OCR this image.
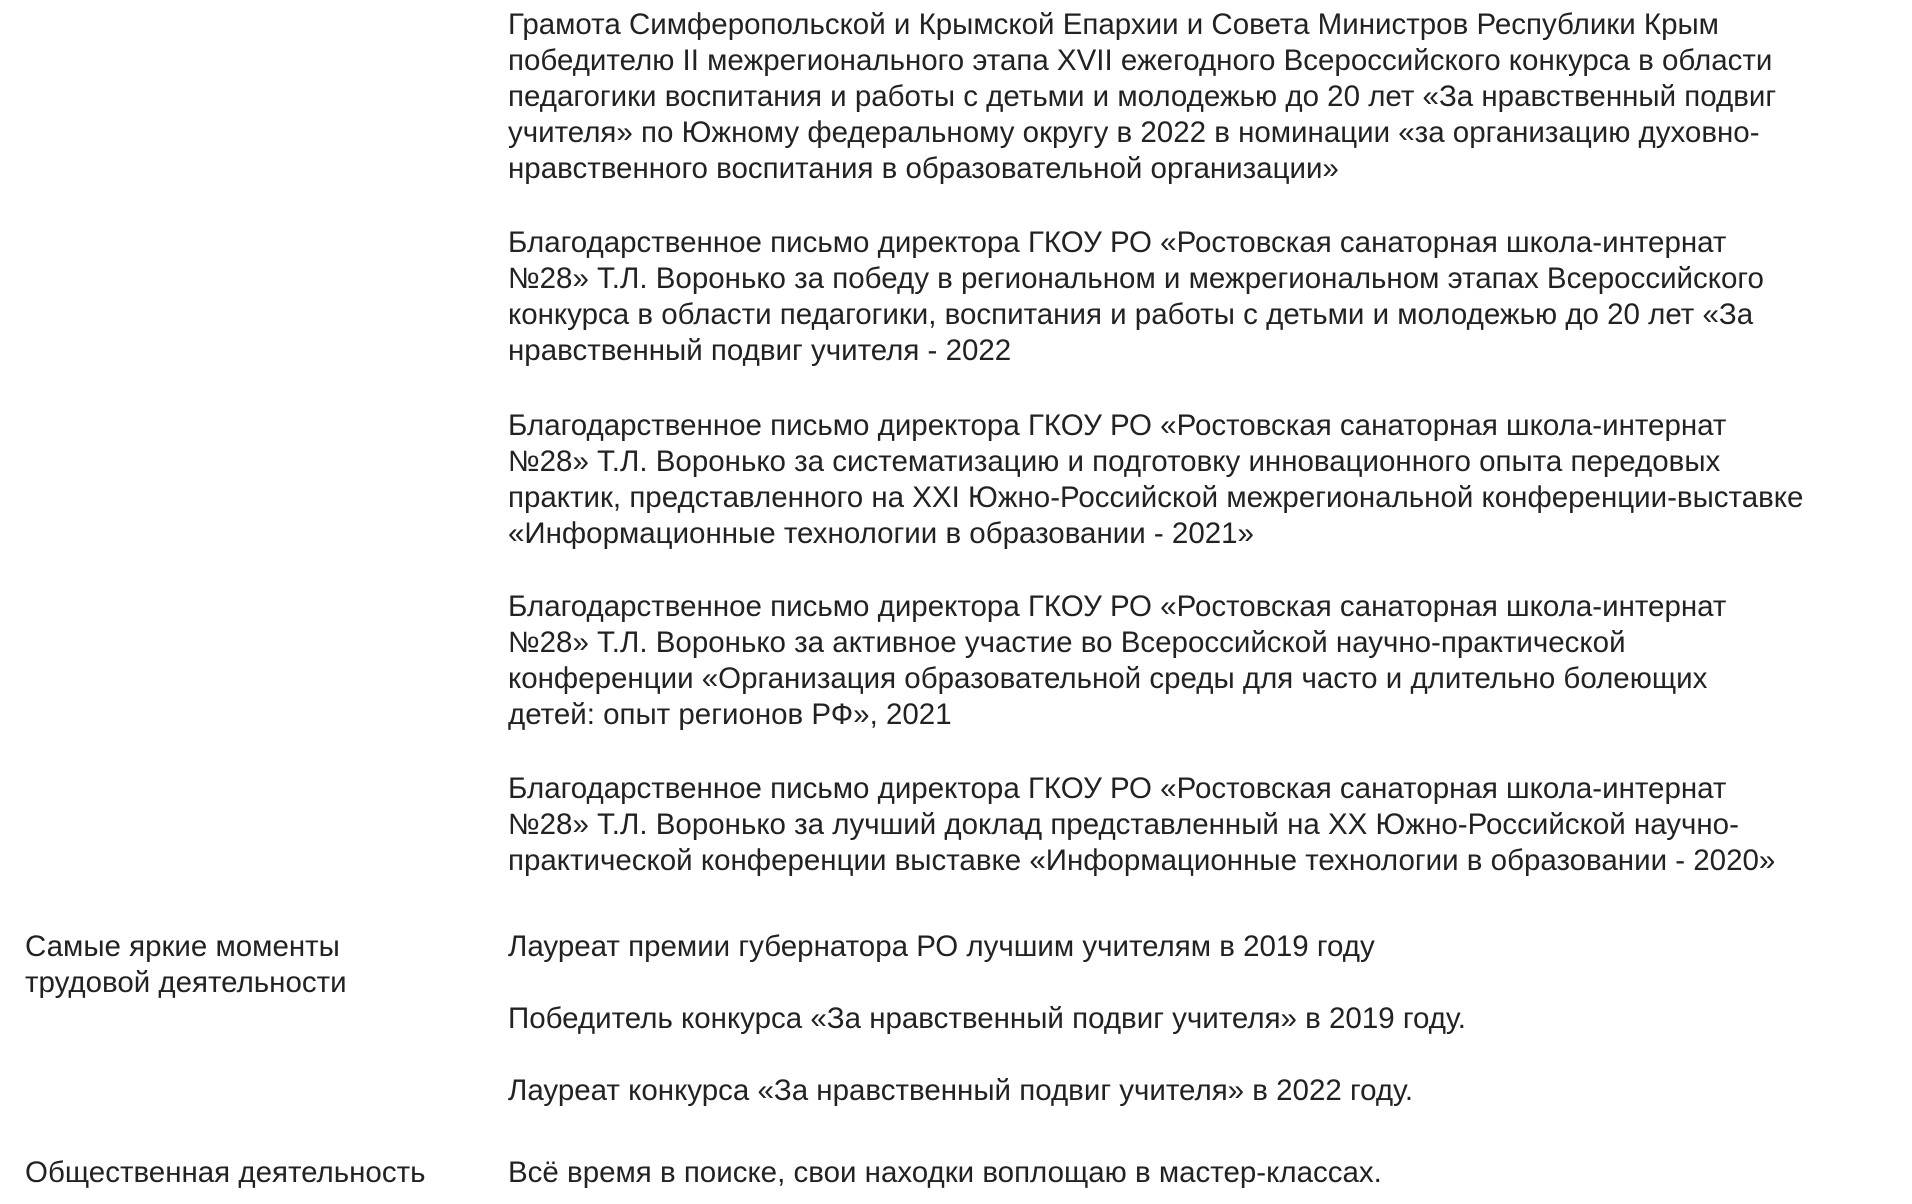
Грамота Симферопольской и Крымской Епархии и Совета Министров Республики Крым
победителю II межрегионального этапа XVII ежегодного Всероссийского конкурса в области
педагогики воспитания и работы с детьми и молодежью до 20 лет «За нравственный подвиг
учителя» по Южному федеральному округу в 2022 в номинации «за организацию духовно-
нравственного воспитания в образовательной организации»
Благодарственное письмо директора ГКОУ РО «Ростовская санаторная школа-интернат
№28» Т.Л. Воронько за победу в региональном и межрегиональном этапах Всероссийского
конкурса в области педагогики, воспитания и работы с детьми и молодежью до 20 лет «За
нравственный подвиг учителя - 2022
Благодарственное письмо директора ГКОУ РО «Ростовская санаторная школа-интернат
№28» Т.Л. Воронько за систематизацию и подготовку инновационного опыта передовых
практик, представленного на XXI Южно-Российской межрегиональной конференции-выставке
«Информационные технологии в образовании - 2021»
Благодарственное письмо директора ГКОУ РО «Ростовская санаторная школа-интернат
№28» Т.Л. Воронько за активное участие во Всероссийской научно-практической
конференции «Организация образовательной среды для часто и длительно болеющих
детей: опыт регионов РФ», 2021
Благодарственное письмо директора ГКОУ РО «Ростовская санаторная школа-интернат
№28» Т.Л. Воронько за лучший доклад представленный на XX Южно-Российской научно-
практической конференции выставке «Информационные технологии в образовании - 2020»
Самые яркие моменты
трудовой деятельности
Лауреат премии губернатора РО лучшим учителям в 2019 году
Победитель конкурса «За нравственный подвиг учителя» в 2019 году.
Лауреат конкурса «За нравственный подвиг учителя» в 2022 году.
Общественная деятельность	Всё время в поиске, свои находки воплощаю в мастер-классах.
